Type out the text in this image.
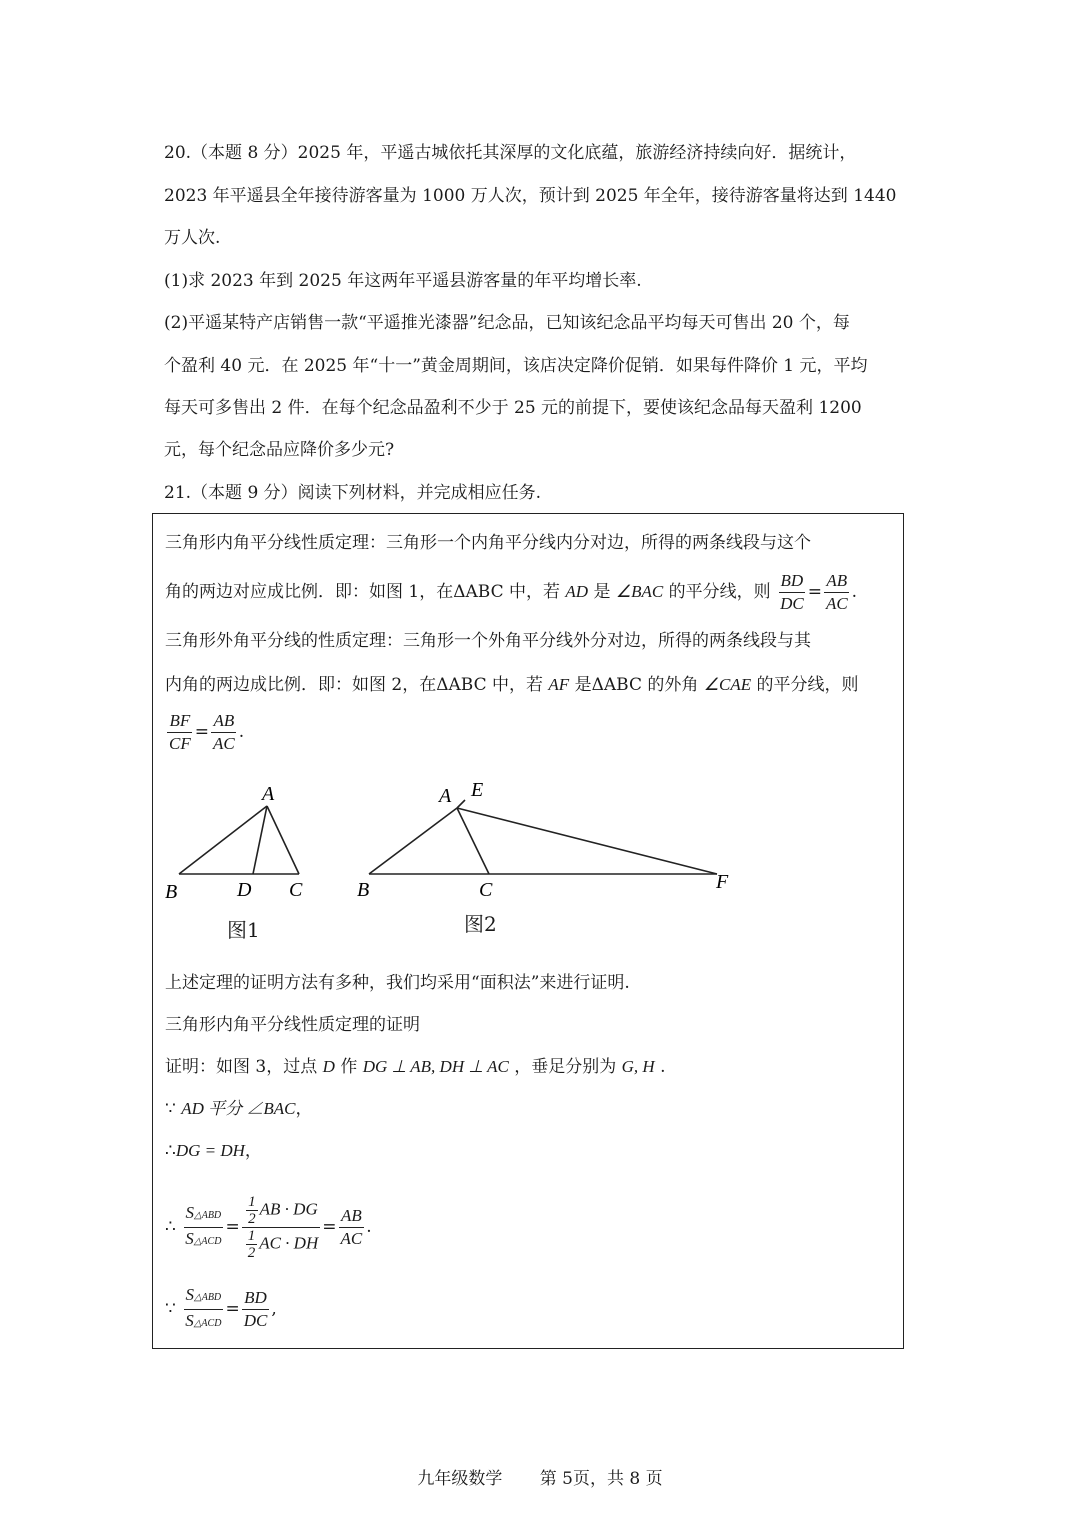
20.（本题 8 分）2025 年，平遥古城依托其深厚的文化底蕴，旅游经济持续向好．据统计，
2023 年平遥县全年接待游客量为 1000 万人次，预计到 2025 年全年，接待游客量将达到 1440
万人次.
(1)求 2023 年到 2025 年这两年平遥县游客量的年平均增长率.
(2)平遥某特产店销售一款“平遥推光漆器”纪念品，已知该纪念品平均每天可售出 20 个，每
个盈利 40 元．在 2025 年“十一”黄金周期间，该店决定降价促销．如果每件降价 1 元，平均
每天可多售出 2 件．在每个纪念品盈利不少于 25 元的前提下，要使该纪念品每天盈利 1200
元，每个纪念品应降价多少元?
21.（本题 9 分）阅读下列材料，并完成相应任务.
三角形内角平分线性质定理：三角形一个内角平分线内分对边，所得的两条线段与这个
角的两边对应成比例．即：如图 1，在ΔABC 中，若 AD 是 ∠BAC 的平分线，则 $\frac{BD}{DC} = \frac{AB}{AC}$ .
三角形外角平分线的性质定理：三角形一个外角平分线外分对边，所得的两条线段与其
内角的两边成比例．即：如图 2，在ΔABC 中，若 AF 是ΔABC 的外角 ∠CAE 的平分线，则
$\frac{BF}{CF} = \frac{AB}{AC}$ .
A
B	D C
图1
A E
B	C	F
图2
上述定理的证明方法有多种，我们均采用“面积法”来进行证明.
三角形内角平分线性质定理的证明
证明：如图 3，过点 D 作 DG ⊥ AB, DH ⊥ AC ，垂足分别为 G, H .
∵ AD 平分 ∠BAC，
∴DG = DH，
∴ $\frac{\text{S△ABD}}{\text{S△ACD}} = \frac{\frac{1}{2} AB \cdot DG}{\frac{1}{2} AC \cdot DH} = \frac{AB}{AC}$ .
∵ $\frac{\text{S△ABD}}{\text{S△ACD}} = \frac{BD}{DC}$ ,
九年级数学 第 5页，共 8 页
